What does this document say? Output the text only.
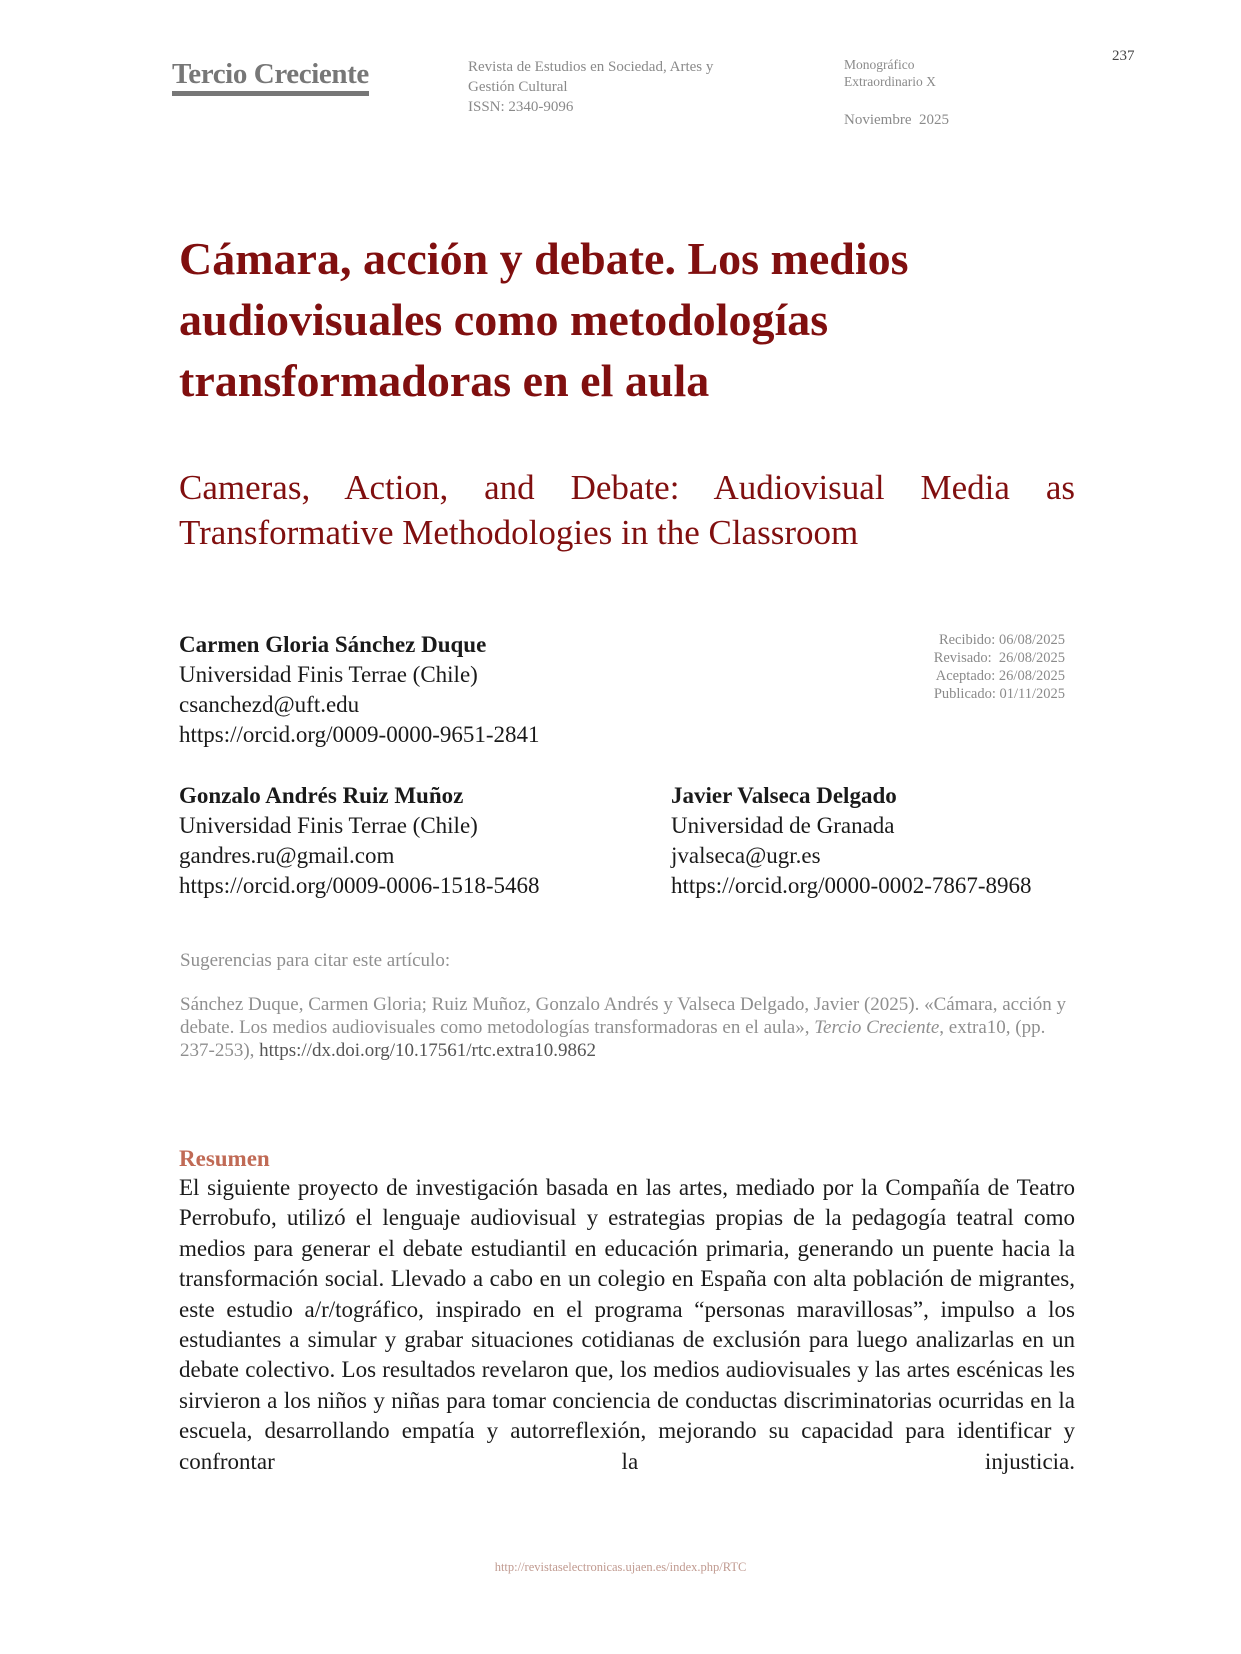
Tercio Creciente	Revista de Estudios en Sociedad, Artes y
Gestión Cultural
ISSN: 2340-9096
Monográfico
Extraordinario X
Noviembre  2025
237
Cámara, acción y debate. Los medios audiovisuales como metodologías transformadoras en el aula
Cameras, Action, and Debate: Audiovisual Media as Transformative Methodologies in the Classroom
Carmen Gloria Sánchez Duque
Universidad Finis Terrae (Chile)
csanchezd@uft.edu
https://orcid.org/0009-0000-9651-2841
Gonzalo Andrés Ruiz Muñoz
Universidad Finis Terrae (Chile)
gandres.ru@gmail.com
https://orcid.org/0009-0006-1518-5468
Javier Valseca Delgado
Universidad de Granada
jvalseca@ugr.es
https://orcid.org/0000-0002-7867-8968
Recibido: 06/08/2025
Revisado:  26/08/2025
Aceptado: 26/08/2025
Publicado: 01/11/2025
Sugerencias para citar este artículo:
Sánchez Duque, Carmen Gloria; Ruiz Muñoz, Gonzalo Andrés y Valseca Delgado, Javier (2025). «Cámara, acción y debate. Los medios audiovisuales como metodologías transformadoras en el aula», Tercio Creciente, extra10, (pp. 237-253), https://dx.doi.org/10.17561/rtc.extra10.9862
Resumen
El siguiente proyecto de investigación basada en las artes, mediado por la Compañía de Teatro Perrobufo, utilizó el lenguaje audiovisual y estrategias propias de la pedagogía teatral como medios para generar el debate estudiantil en educación primaria, generando un puente hacia la transformación social. Llevado a cabo en un colegio en España con alta población de migrantes, este estudio a/r/tográfico, inspirado en el programa “personas maravillosas”, impulso a los estudiantes a simular y grabar situaciones cotidianas de exclusión para luego analizarlas en un debate colectivo. Los resultados revelaron que, los medios audiovisuales y las artes escénicas les sirvieron a los niños y niñas para tomar conciencia de conductas discriminatorias ocurridas en la escuela, desarrollando empatía y autorreflexión, mejorando su capacidad para identificar y confrontar la injusticia.
http://revistaselectronicas.ujaen.es/index.php/RTC
